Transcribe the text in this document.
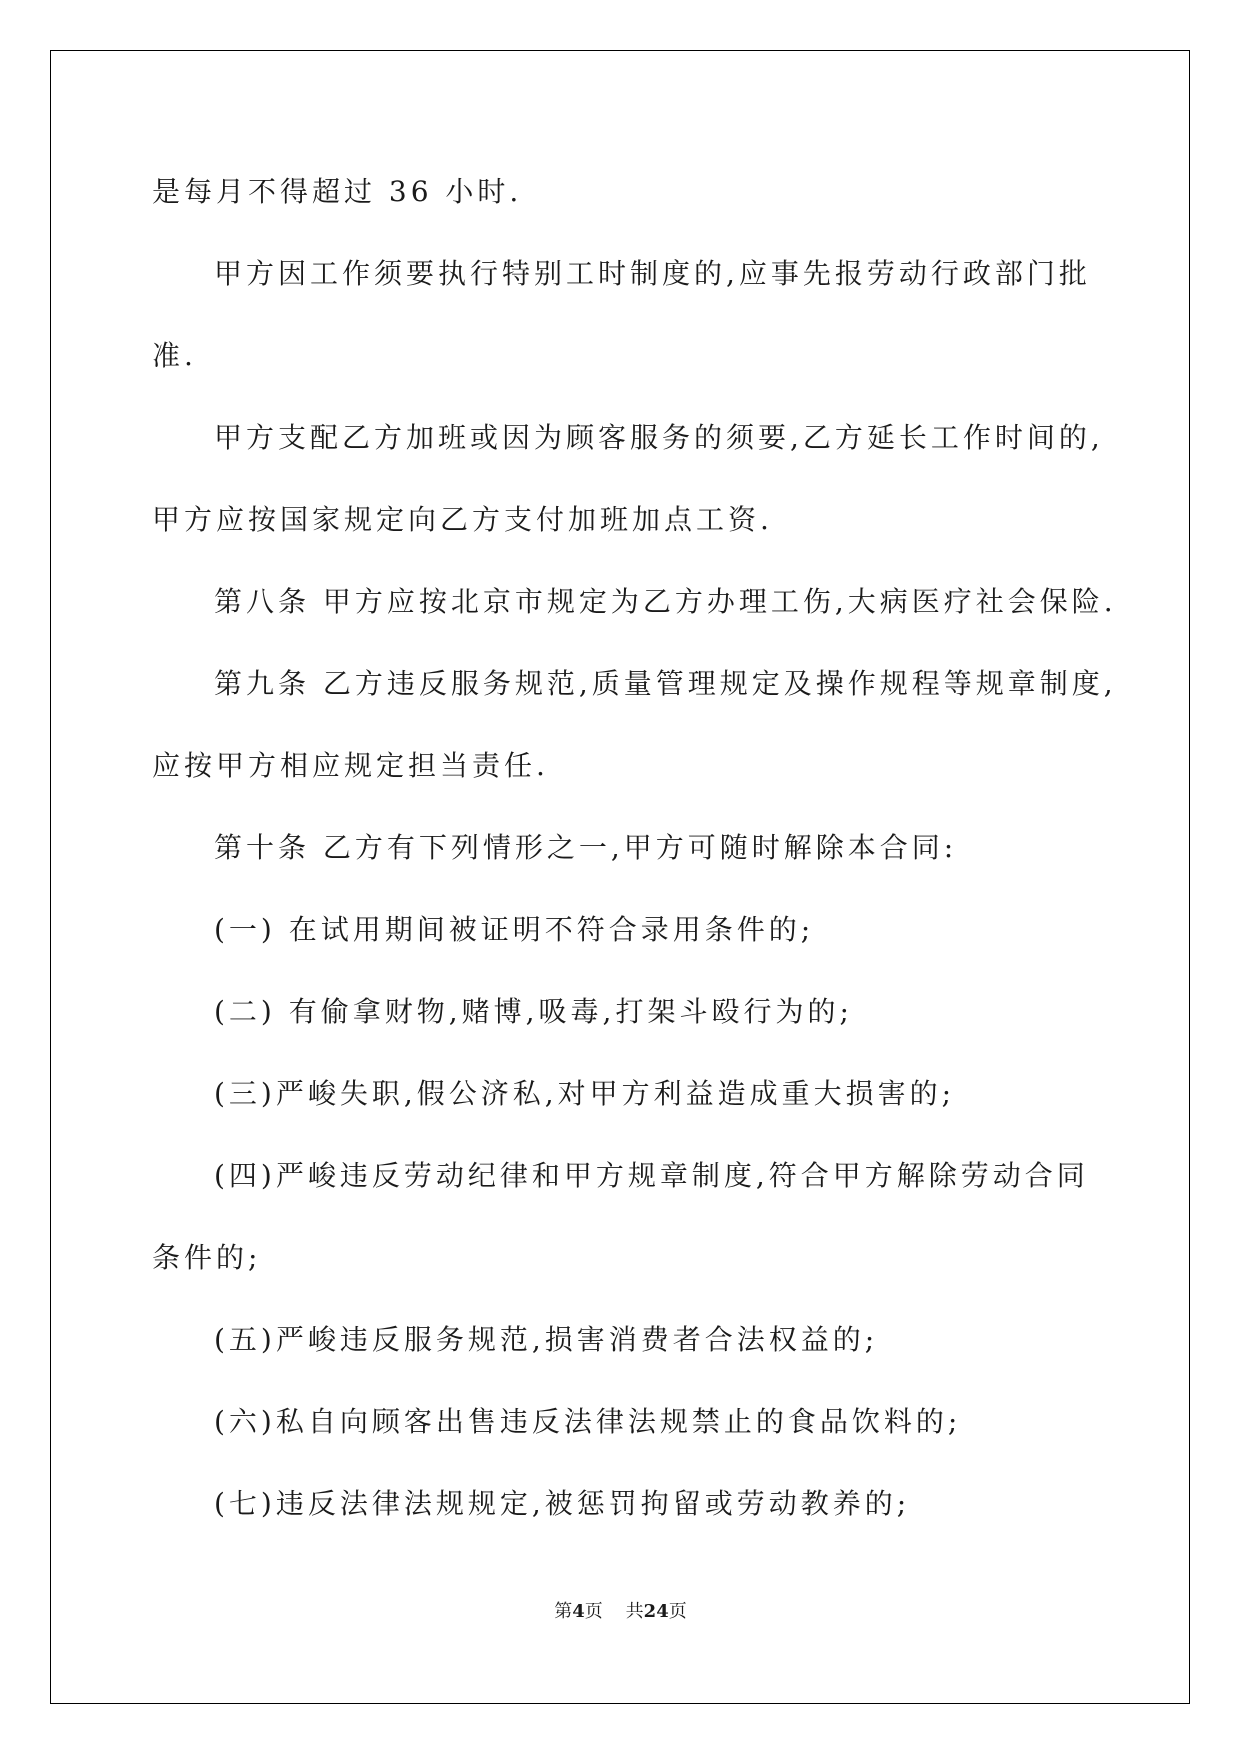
是每月不得超过 36 小时.
甲方因工作须要执行特别工时制度的,应事先报劳动行政部门批
准.
甲方支配乙方加班或因为顾客服务的须要,乙方延长工作时间的,
甲方应按国家规定向乙方支付加班加点工资.
第八条 甲方应按北京市规定为乙方办理工伤,大病医疗社会保险.
第九条 乙方违反服务规范,质量管理规定及操作规程等规章制度,
应按甲方相应规定担当责任.
第十条 乙方有下列情形之一,甲方可随时解除本合同:
(一) 在试用期间被证明不符合录用条件的;
(二) 有偷拿财物,赌博,吸毒,打架斗殴行为的;
(三)严峻失职,假公济私,对甲方利益造成重大损害的;
(四)严峻违反劳动纪律和甲方规章制度,符合甲方解除劳动合同
条件的;
(五)严峻违反服务规范,损害消费者合法权益的;
(六)私自向顾客出售违反法律法规禁止的食品饮料的;
(七)违反法律法规规定,被惩罚拘留或劳动教养的;
第4页 共24页
